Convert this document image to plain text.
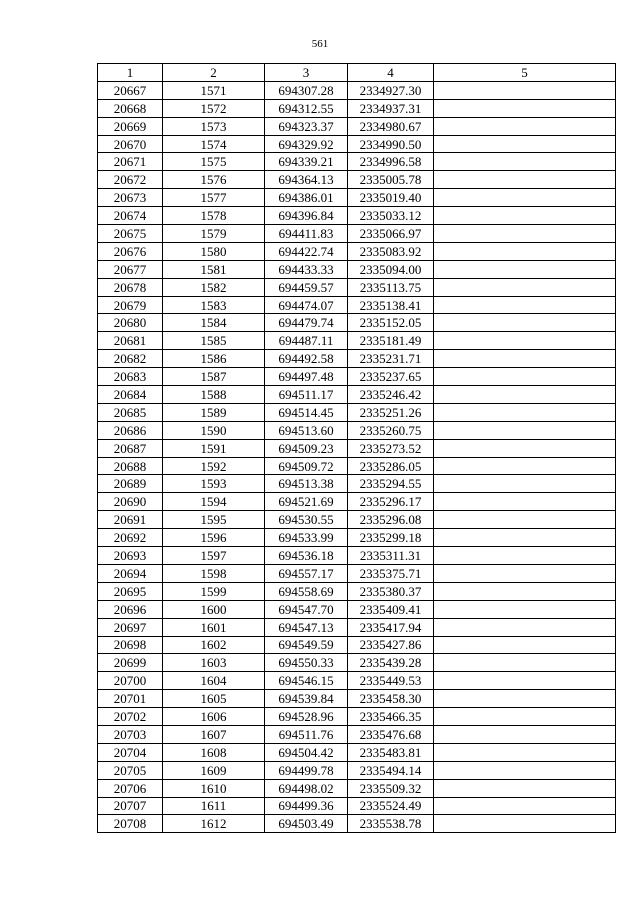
561
1	2	3	4	5
20667	1571	694307.28	2334927.30	
20668	1572	694312.55	2334937.31	
20669	1573	694323.37	2334980.67	
20670	1574	694329.92	2334990.50	
20671	1575	694339.21	2334996.58	
20672	1576	694364.13	2335005.78	
20673	1577	694386.01	2335019.40	
20674	1578	694396.84	2335033.12	
20675	1579	694411.83	2335066.97	
20676	1580	694422.74	2335083.92	
20677	1581	694433.33	2335094.00	
20678	1582	694459.57	2335113.75	
20679	1583	694474.07	2335138.41	
20680	1584	694479.74	2335152.05	
20681	1585	694487.11	2335181.49	
20682	1586	694492.58	2335231.71	
20683	1587	694497.48	2335237.65	
20684	1588	694511.17	2335246.42	
20685	1589	694514.45	2335251.26	
20686	1590	694513.60	2335260.75	
20687	1591	694509.23	2335273.52	
20688	1592	694509.72	2335286.05	
20689	1593	694513.38	2335294.55	
20690	1594	694521.69	2335296.17	
20691	1595	694530.55	2335296.08	
20692	1596	694533.99	2335299.18	
20693	1597	694536.18	2335311.31	
20694	1598	694557.17	2335375.71	
20695	1599	694558.69	2335380.37	
20696	1600	694547.70	2335409.41	
20697	1601	694547.13	2335417.94	
20698	1602	694549.59	2335427.86	
20699	1603	694550.33	2335439.28	
20700	1604	694546.15	2335449.53	
20701	1605	694539.84	2335458.30	
20702	1606	694528.96	2335466.35	
20703	1607	694511.76	2335476.68	
20704	1608	694504.42	2335483.81	
20705	1609	694499.78	2335494.14	
20706	1610	694498.02	2335509.32	
20707	1611	694499.36	2335524.49	
20708	1612	694503.49	2335538.78	
